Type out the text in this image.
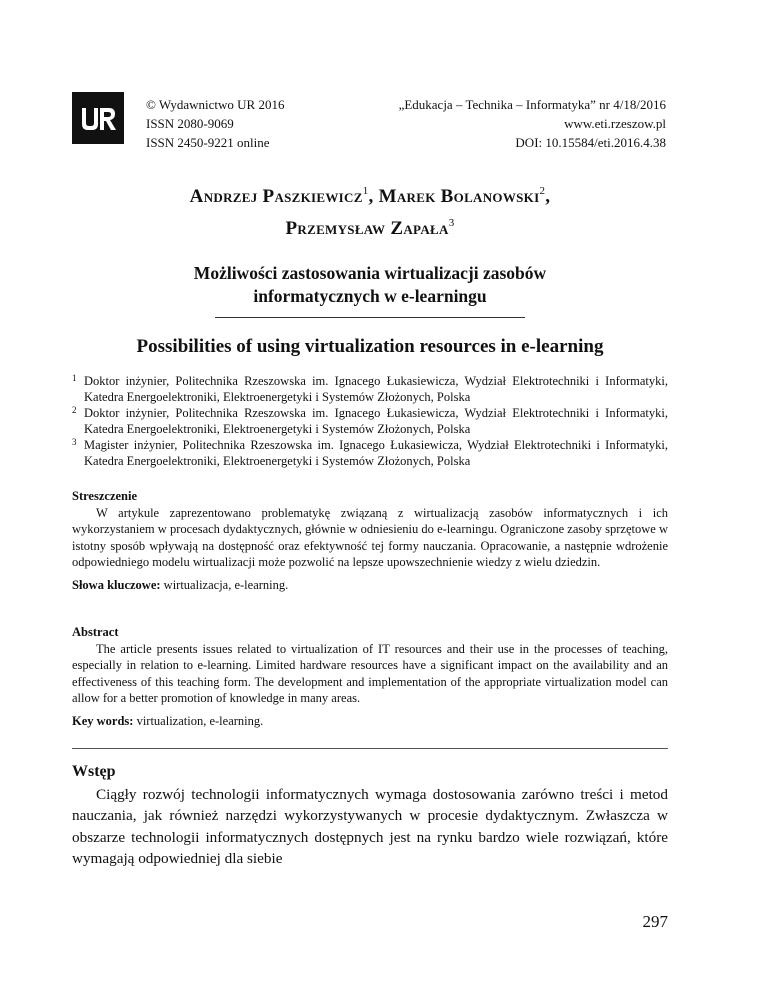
© Wydawnictwo UR 2016
ISSN 2080-9069
ISSN 2450-9221 online
„Edukacja – Technika – Informatyka” nr 4/18/2016
www.eti.rzeszow.pl
DOI: 10.15584/eti.2016.4.38
Andrzej Paszkiewicz$^1$, Marek Bolanowski$^2$,
Przemysław Zapała$^3$
Możliwości zastosowania wirtualizacji zasobów
informatycznych w e-learningu
Possibilities of using virtualization resources in e-learning
1 Doktor inżynier, Politechnika Rzeszowska im. Ignacego Łukasiewicza, Wydział Elektrotechniki i Informatyki, Katedra Energoelektroniki, Elektroenergetyki i Systemów Złożonych, Polska
2 Doktor inżynier, Politechnika Rzeszowska im. Ignacego Łukasiewicza, Wydział Elektrotechniki i Informatyki, Katedra Energoelektroniki, Elektroenergetyki i Systemów Złożonych, Polska
3 Magister inżynier, Politechnika Rzeszowska im. Ignacego Łukasiewicza, Wydział Elektrotechniki i Informatyki, Katedra Energoelektroniki, Elektroenergetyki i Systemów Złożonych, Polska
Streszczenie
W artykule zaprezentowano problematykę związaną z wirtualizacją zasobów informatycznych i ich wykorzystaniem w procesach dydaktycznych, głównie w odniesieniu do e-learningu. Ograniczone zasoby sprzętowe w istotny sposób wpływają na dostępność oraz efektywność tej formy nauczania. Opracowanie, a następnie wdrożenie odpowiedniego modelu wirtualizacji może pozwolić na lepsze upowszechnienie wiedzy z wielu dziedzin.
Słowa kluczowe: wirtualizacja, e-learning.
Abstract
The article presents issues related to virtualization of IT resources and their use in the processes of teaching, especially in relation to e-learning. Limited hardware resources have a significant impact on the availability and an effectiveness of this teaching form. The development and implementation of the appropriate virtualization model can allow for a better promotion of knowledge in many areas.
Key words: virtualization, e-learning.
Wstęp
Ciągły rozwój technologii informatycznych wymaga dostosowania zarówno treści i metod nauczania, jak również narzędzi wykorzystywanych w procesie dydaktycznym. Zwłaszcza w obszarze technologii informatycznych dostępnych jest na rynku bardzo wiele rozwiązań, które wymagają odpowiedniej dla siebie
297
